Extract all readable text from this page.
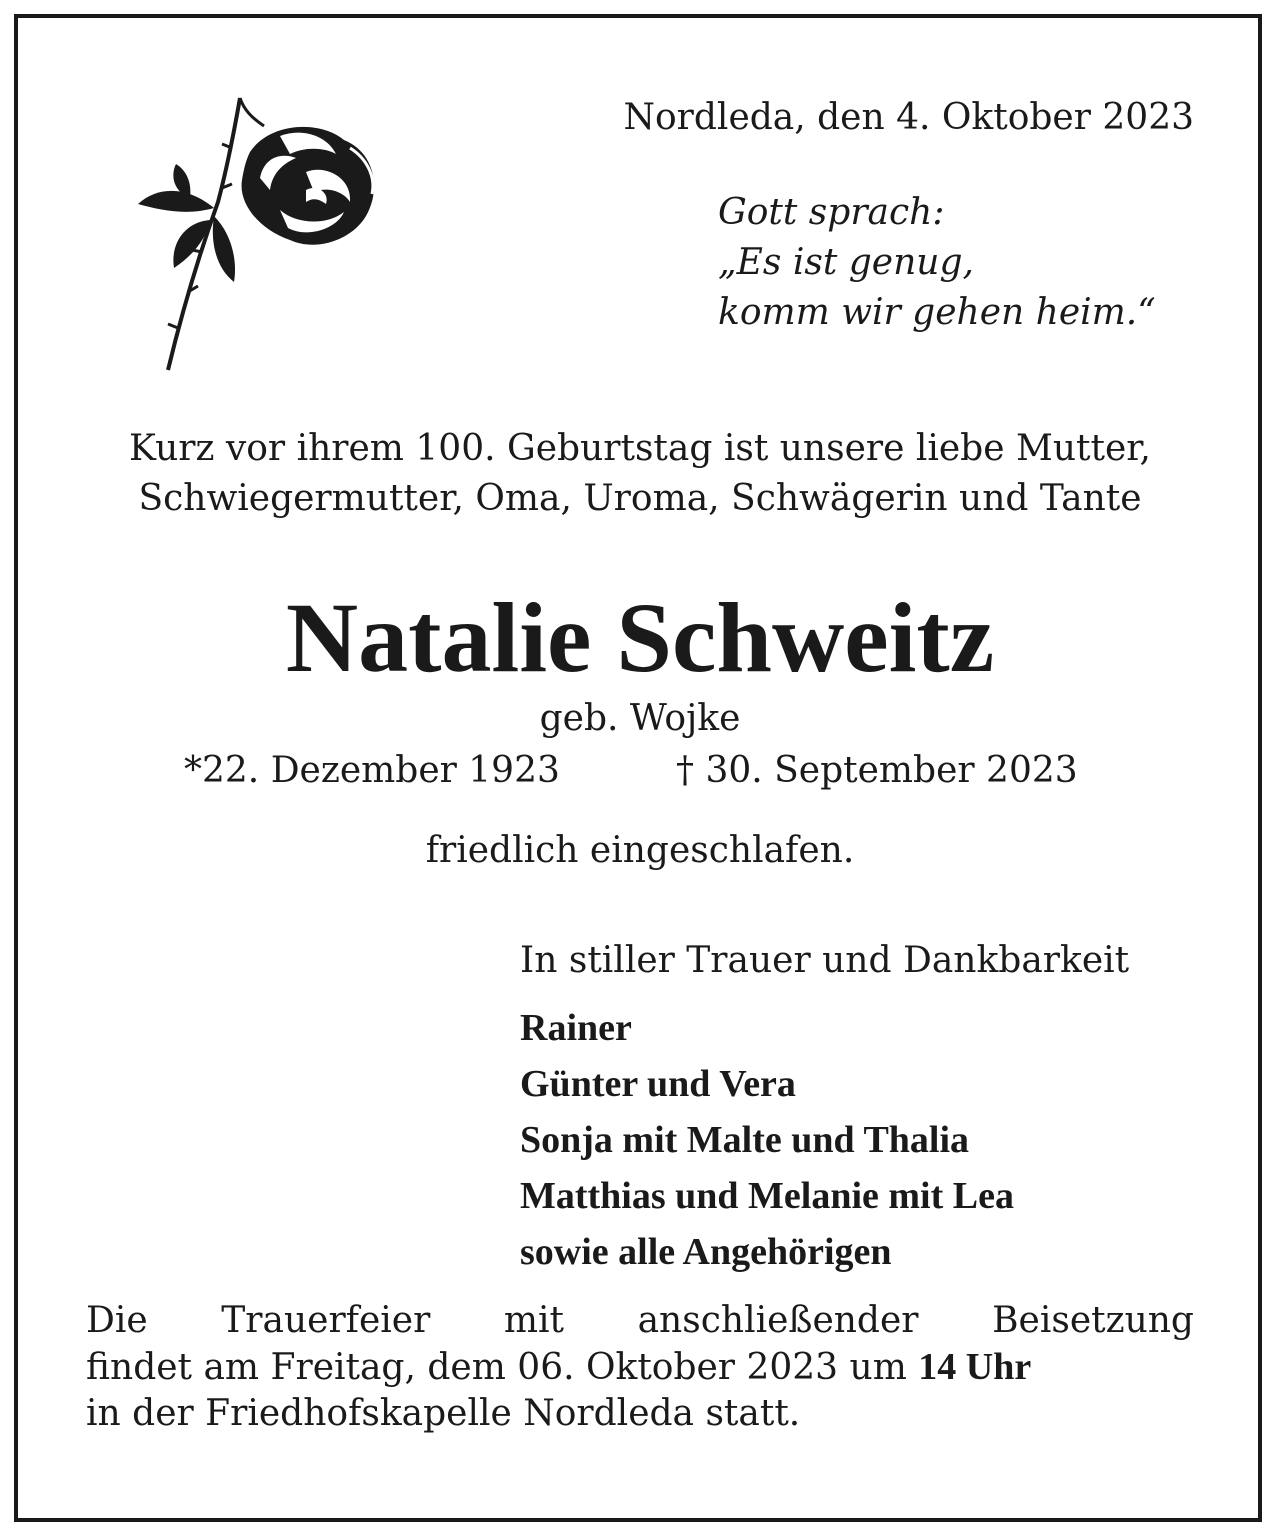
Nordleda, den 4. Oktober 2023
Gott sprach:
„Es ist genug,
komm wir gehen heim.“
Kurz vor ihrem 100. Geburtstag ist unsere liebe Mutter,
Schwiegermutter, Oma, Uroma, Schwägerin und Tante
Natalie Schweitz
geb. Wojke
*22. Dezember 1923	† 30. September 2023
friedlich eingeschlafen.
In stiller Trauer und Dankbarkeit
Rainer
Günter und Vera
Sonja mit Malte und Thalia
Matthias und Melanie mit Lea
sowie alle Angehörigen
Die Trauerfeier mit anschließender Beisetzung
findet am Freitag, dem 06. Oktober 2023 um 14 Uhr
in der Friedhofskapelle Nordleda statt.
